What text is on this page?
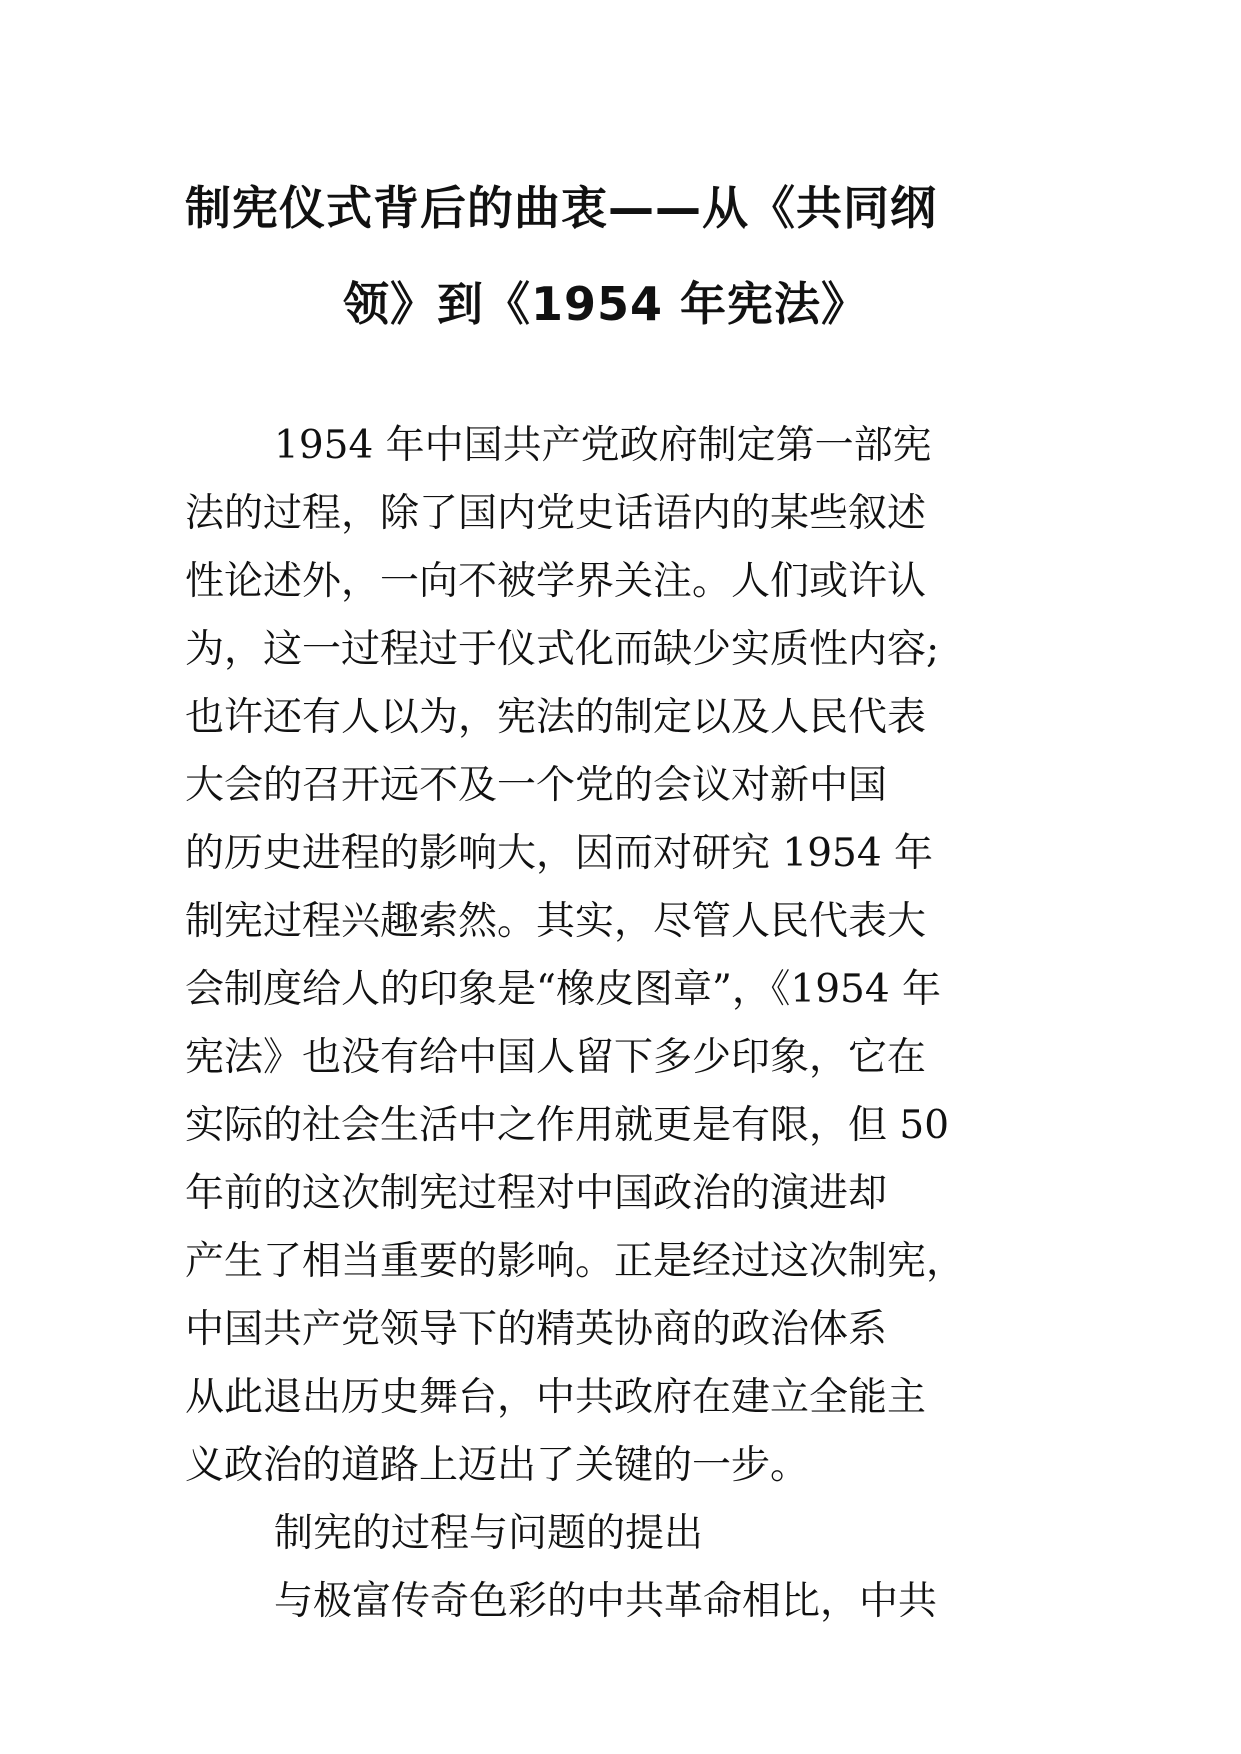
制宪仪式背后的曲衷——从《共同纲
领》到《1954 年宪法》
1954 年中国共产党政府制定第一部宪
法的过程，除了国内党史话语内的某些叙述
性论述外，一向不被学界关注。人们或许认
为，这一过程过于仪式化而缺少实质性内容;
也许还有人以为，宪法的制定以及人民代表
大会的召开远不及一个党的会议对新中国
的历史进程的影响大，因而对研究 1954 年
制宪过程兴趣索然。其实，尽管人民代表大
会制度给人的印象是“橡皮图章”，《1954 年
宪法》也没有给中国人留下多少印象，它在
实际的社会生活中之作用就更是有限，但 50
年前的这次制宪过程对中国政治的演进却
产生了相当重要的影响。正是经过这次制宪，
中国共产党领导下的精英协商的政治体系
从此退出历史舞台，中共政府在建立全能主
义政治的道路上迈出了关键的一步。
制宪的过程与问题的提出
与极富传奇色彩的中共革命相比，中共
